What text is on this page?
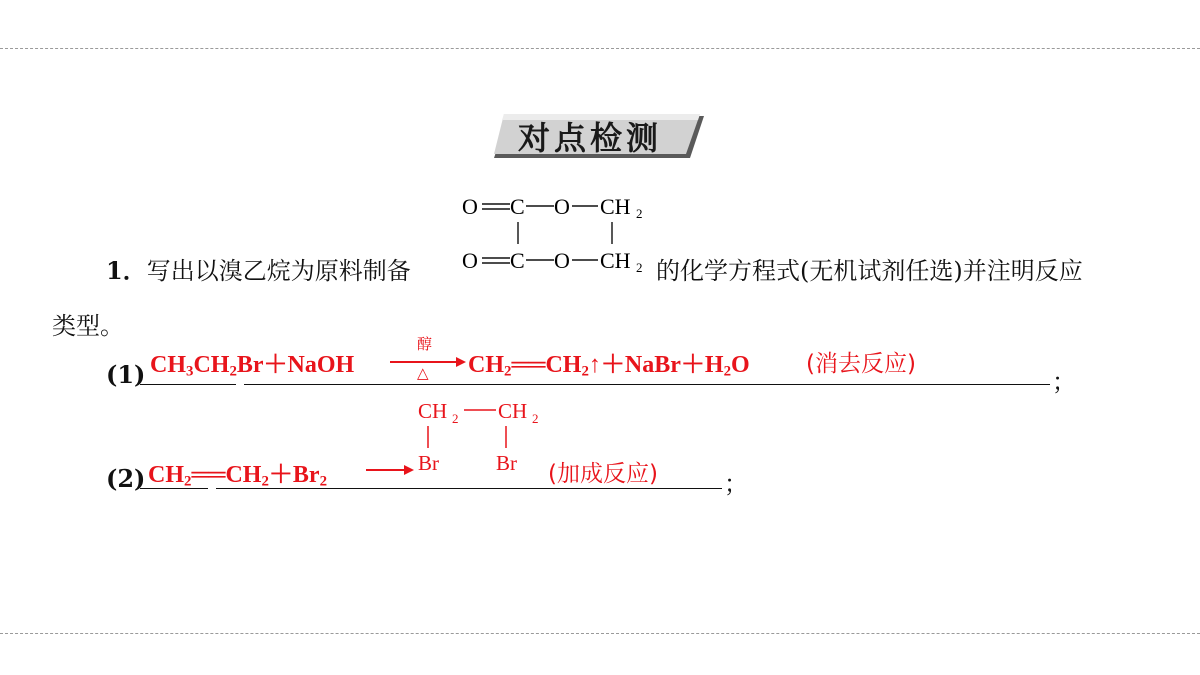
对点检测
O C O CH 2
O C O CH 2
1．写出以溴乙烷为原料制备	的化学方程式(无机试剂任选)并注明反应
类型。
(1)	；
$CH_3CH_2Br+NaOH$
醇
△ $CH_2══CH_2↑+NaBr+H_2O$ (消去反应)
(2)	；
$CH_2══CH_2+Br_2$
CH 2 CH 2
Br	Br (加成反应)
